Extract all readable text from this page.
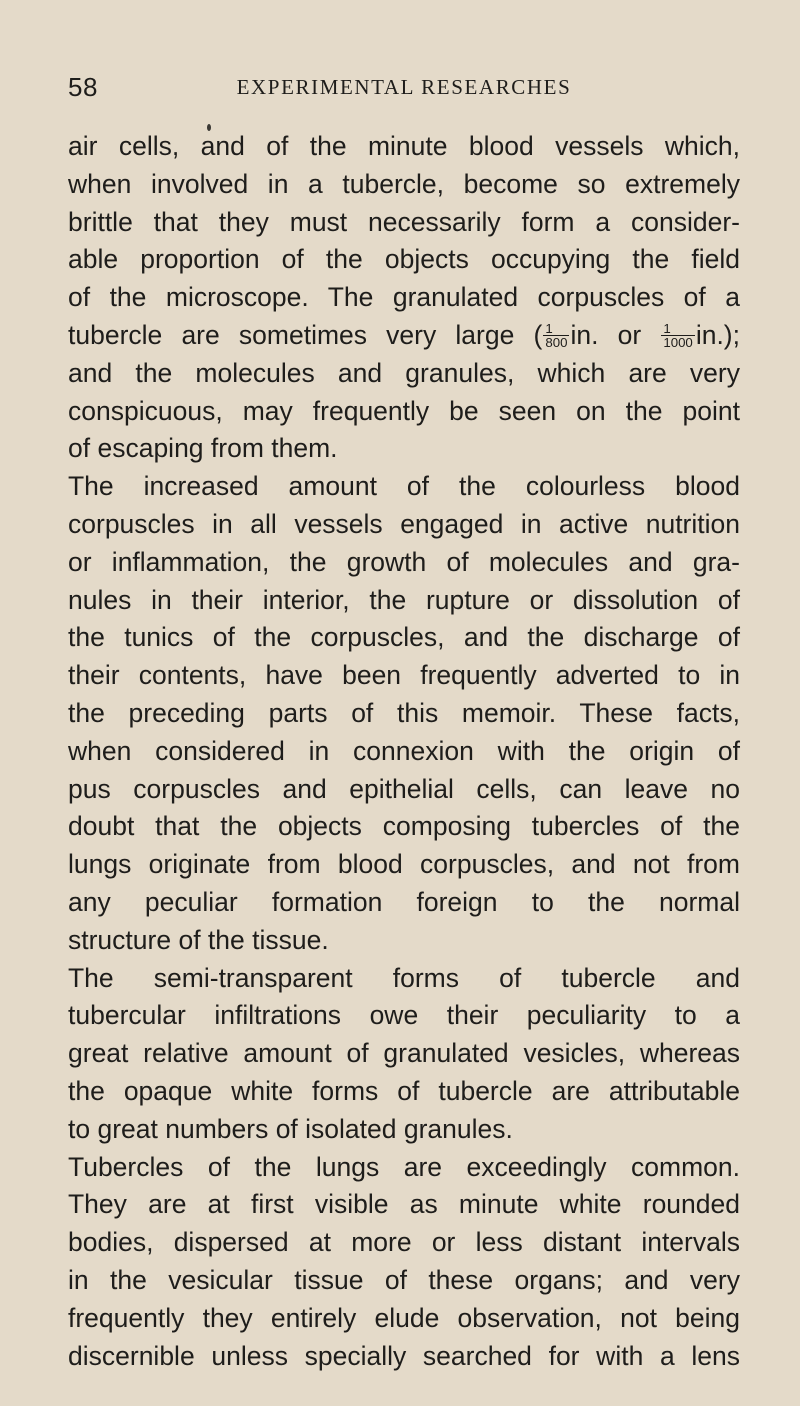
58	EXPERIMENTAL RESEARCHES
air cells, and of the minute blood vessels which,
when involved in a tubercle, become so extremely
brittle that they must necessarily form a consider-
able proportion of the objects occupying the field
of the microscope. The granulated corpuscles of a
tubercle are sometimes very large ( $\frac{1}{800}$ in. or $\frac{1}{1000} in$.);
and the molecules and granules, which are very
conspicuous, may frequently be seen on the point
of escaping from them.
The increased amount of the colourless blood
corpuscles in all vessels engaged in active nutrition
or inflammation, the growth of molecules and gra-
nules in their interior, the rupture or dissolution of
the tunics of the corpuscles, and the discharge of
their contents, have been frequently adverted to in
the preceding parts of this memoir. These facts,
when considered in connexion with the origin of
pus corpuscles and epithelial cells, can leave no
doubt that the objects composing tubercles of the
lungs originate from blood corpuscles, and not from
any peculiar formation foreign to the normal
structure of the tissue.
The semi-transparent forms of tubercle and
tubercular infiltrations owe their peculiarity to a
great relative amount of granulated vesicles, whereas
the opaque white forms of tubercle are attributable
to great numbers of isolated granules.
Tubercles of the lungs are exceedingly common.
They are at first visible as minute white rounded
bodies, dispersed at more or less distant intervals
in the vesicular tissue of these organs; and very
frequently they entirely elude observation, not being
discernible unless specially searched for with a lens
